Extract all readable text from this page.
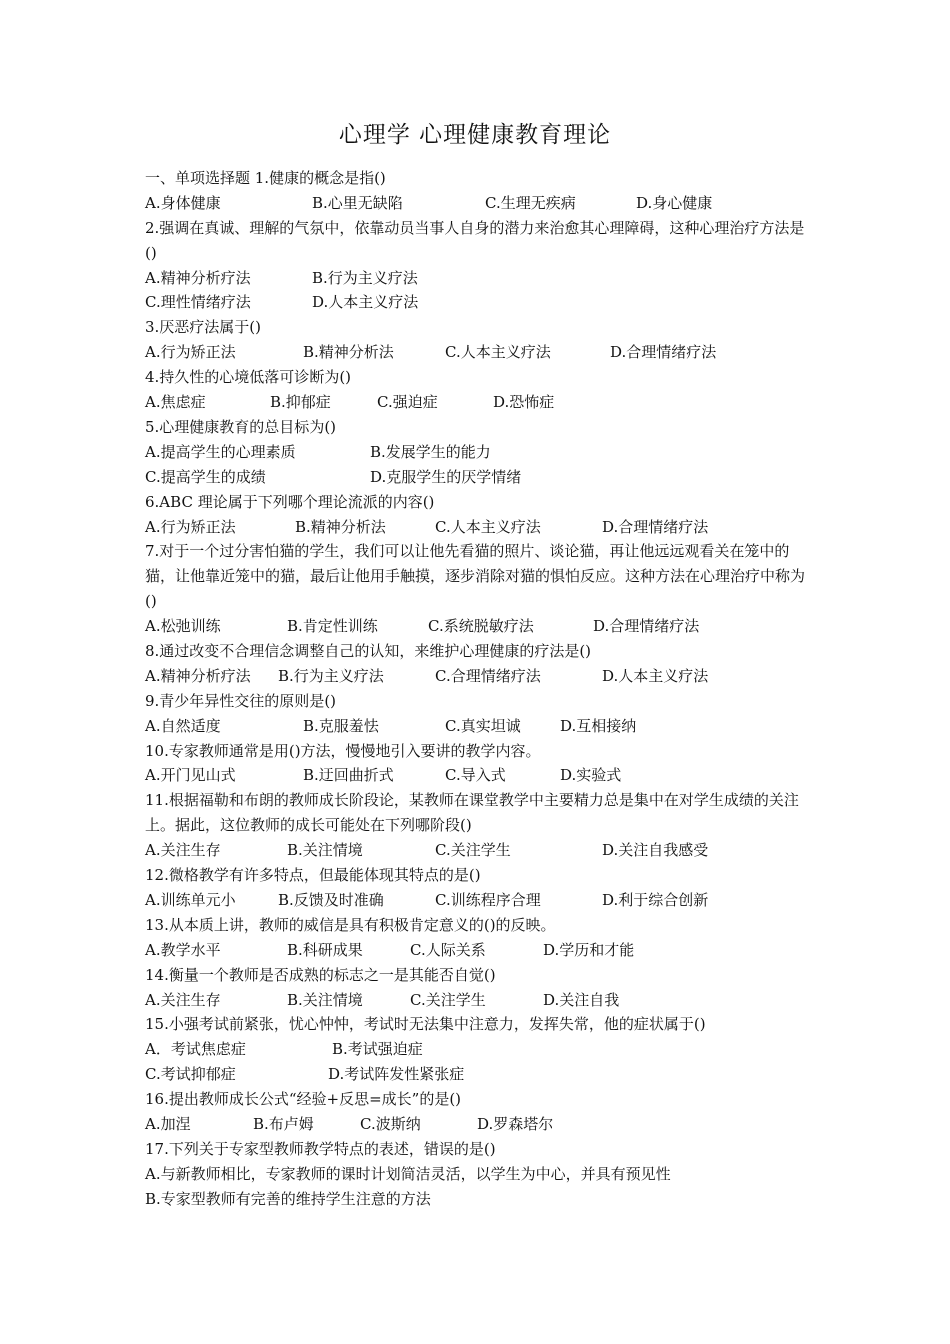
心理学 心理健康教育理论
一、单项选择题 1.健康的概念是指()
A.身体健康	B.心里无缺陷	C.生理无疾病	D.身心健康
2.强调在真诚、理解的气氛中，依靠动员当事人自身的潜力来治愈其心理障碍，这种心理治疗方法是()
A.精神分析疗法	B.行为主义疗法
C.理性情绪疗法	D.人本主义疗法
3.厌恶疗法属于()
A.行为矫正法	B.精神分析法	C.人本主义疗法	D.合理情绪疗法
4.持久性的心境低落可诊断为()
A.焦虑症	B.抑郁症	C.强迫症	D.恐怖症
5.心理健康教育的总目标为()
A.提高学生的心理素质	B.发展学生的能力
C.提高学生的成绩	D.克服学生的厌学情绪
6.ABC 理论属于下列哪个理论流派的内容()
A.行为矫正法	B.精神分析法	C.人本主义疗法	D.合理情绪疗法
7.对于一个过分害怕猫的学生，我们可以让他先看猫的照片、谈论猫，再让他远远观看关在笼中的猫，让他靠近笼中的猫，最后让他用手触摸，逐步消除对猫的惧怕反应。这种方法在心理治疗中称为()
A.松弛训练	B.肯定性训练	C.系统脱敏疗法	D.合理情绪疗法
8.通过改变不合理信念调整自己的认知，来维护心理健康的疗法是()
A.精神分析疗法 B.行为主义疗法	C.合理情绪疗法	D.人本主义疗法
9.青少年异性交往的原则是()
A.自然适度	B.克服羞怯	C.真实坦诚	D.互相接纳
10.专家教师通常是用()方法，慢慢地引入要讲的教学内容。
A.开门见山式	B.迂回曲折式	C.导入式	D.实验式
11.根据福勒和布朗的教师成长阶段论，某教师在课堂教学中主要精力总是集中在对学生成绩的关注上。据此，这位教师的成长可能处在下列哪阶段()
A.关注生存	B.关注情境	C.关注学生	D.关注自我感受
12.微格教学有许多特点，但最能体现其特点的是()
A.训练单元小	B.反馈及时准确	C.训练程序合理	D.利于综合创新
13.从本质上讲，教师的威信是具有积极肯定意义的()的反映。
A.教学水平	B.科研成果	C.人际关系	D.学历和才能
14.衡量一个教师是否成熟的标志之一是其能否自觉()
A.关注生存	B.关注情境	C.关注学生	D.关注自我
15.小强考试前紧张，忧心忡忡，考试时无法集中注意力，发挥失常，他的症状属于()
A．考试焦虑症	B.考试强迫症
C.考试抑郁症	D.考试阵发性紧张症
16.提出教师成长公式“经验+反思=成长”的是()
A.加涅	B.布卢姆	C.波斯纳	D.罗森塔尔
17.下列关于专家型教师教学特点的表述，错误的是()
A.与新教师相比，专家教师的课时计划简洁灵活，以学生为中心，并具有预见性
B.专家型教师有完善的维持学生注意的方法
